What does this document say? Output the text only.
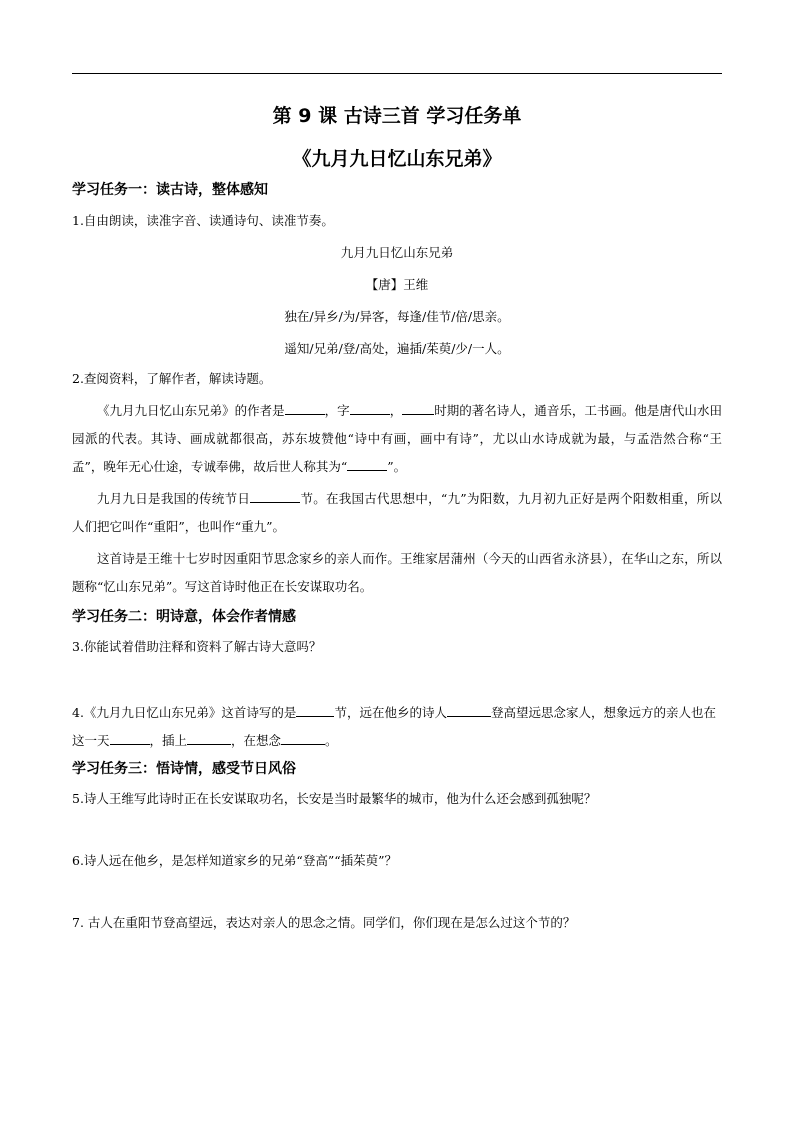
第 9 课 古诗三首 学习任务单
《九月九日忆山东兄弟》

学习任务一：读古诗，整体感知

1.自由朗读，读准字音、读通诗句、读准节奏。

九月九日忆山东兄弟

【唐】王维

独在/异乡/为/异客，每逢/佳节/倍/思亲。

遥知/兄弟/登/高处，遍插/茱萸/少/一人。

2.查阅资料，了解作者，解读诗题。

《九月九日忆山东兄弟》的作者是	，字	，	时期的著名诗人，通音乐，工书画。他是唐代山水田园派的代表。其诗、画成就都很高，苏东坡赞他“诗中有画，画中有诗”，尤以山水诗成就为最，与孟浩然合称“王孟”，晚年无心仕途，专诚奉佛，故后世人称其为“	”。

九月九日是我国的传统节日	节。在我国古代思想中，“九”为阳数，九月初九正好是两个阳数相重，所以人们把它叫作“重阳”，也叫作“重九”。

这首诗是王维十七岁时因重阳节思念家乡的亲人而作。王维家居蒲州（今天的山西省永济县），在华山之东，所以题称“忆山东兄弟”。写这首诗时他正在长安谋取功名。

学习任务二：明诗意，体会作者情感

3.你能试着借助注释和资料了解古诗大意吗？

4.《九月九日忆山东兄弟》这首诗写的是	节，远在他乡的诗人	登高望远思念家人，想象远方的亲人也在这一天	，插上	，在想念	。

学习任务三：悟诗情，感受节日风俗

5.诗人王维写此诗时正在长安谋取功名，长安是当时最繁华的城市，他为什么还会感到孤独呢？

6.诗人远在他乡，是怎样知道家乡的兄弟“登高”“插茱萸”？

7. 古人在重阳节登高望远，表达对亲人的思念之情。同学们，你们现在是怎么过这个节的？
